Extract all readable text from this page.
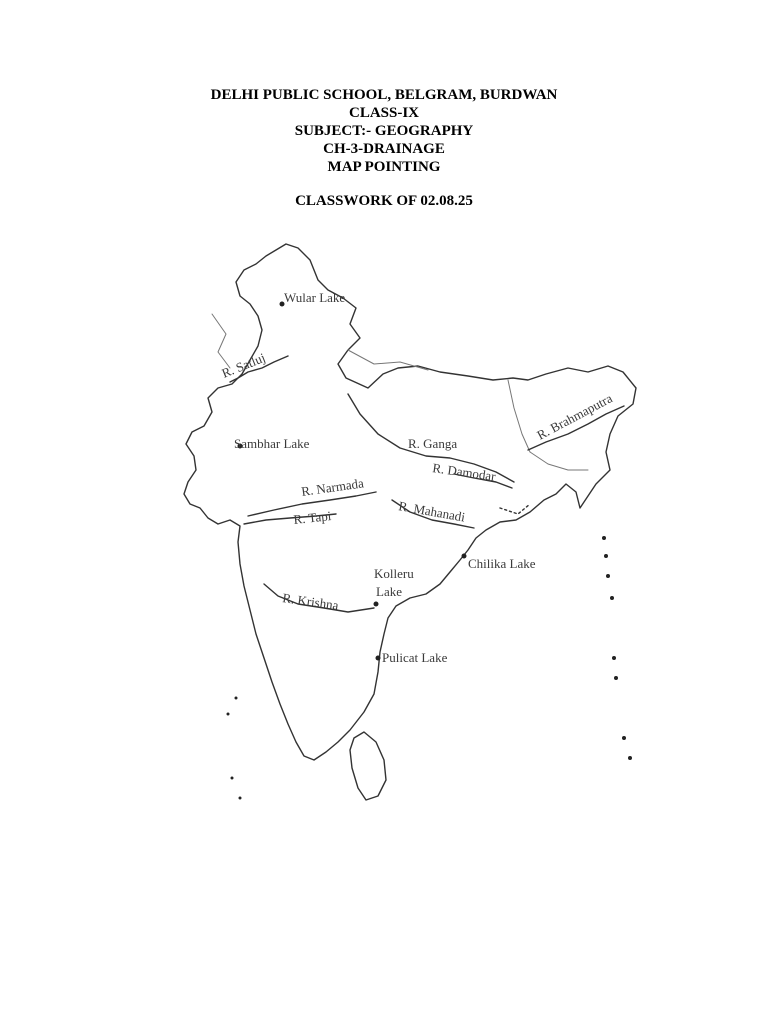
DELHI PUBLIC SCHOOL, BELGRAM, BURDWAN
CLASS-IX
SUBJECT:- GEOGRAPHY
CH-3-DRAINAGE
MAP POINTING
CLASSWORK OF 02.08.25
Wular Lake
R. Satluj
Sambhar Lake	R. Ganga
R. Brahmaputra
R. Damodar
R. Narmada
R. Tapi	R. Mahanadi
Chilika Lake
Kolleru
Lake
R. Krishna
Pulicat Lake
